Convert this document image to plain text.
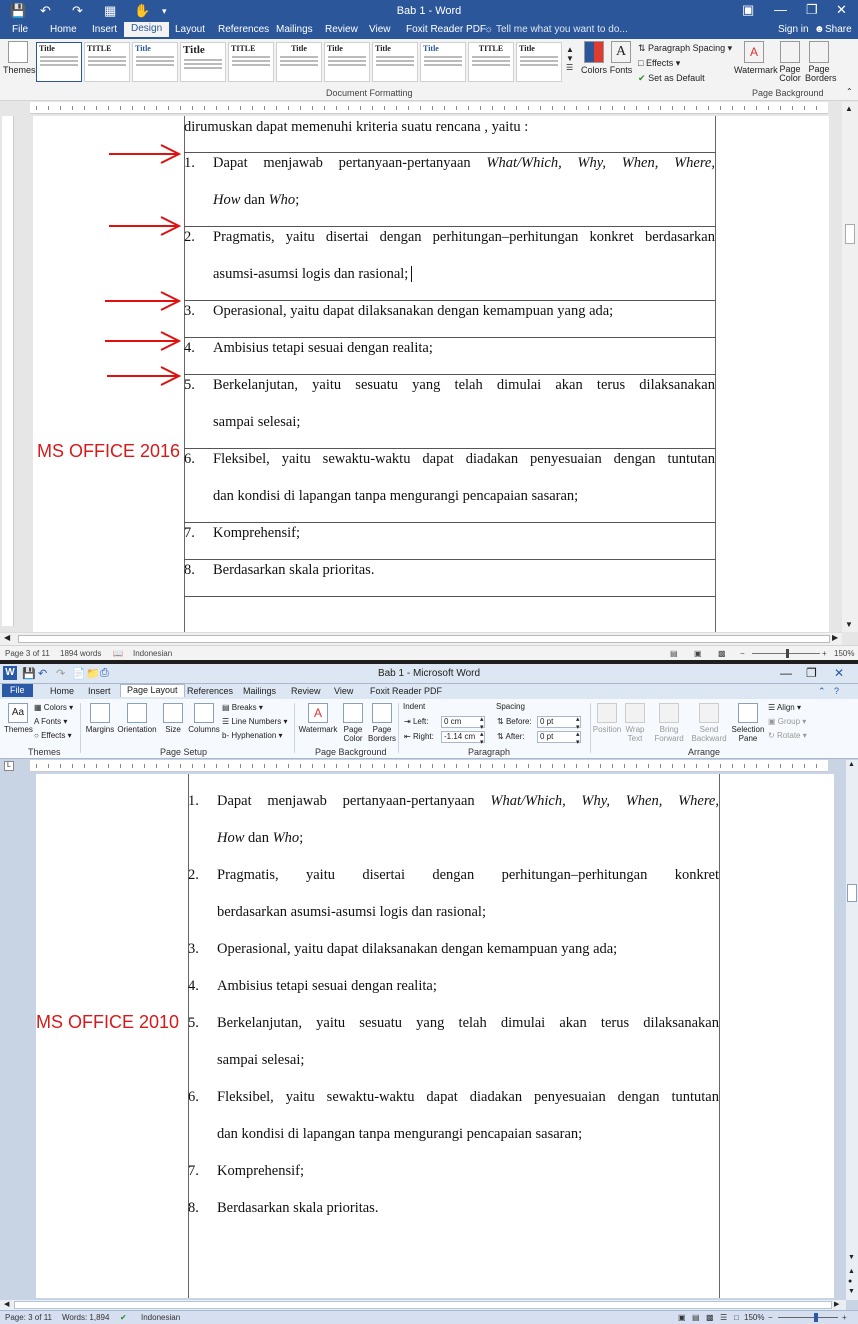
💾 ↶ ↷ ▦ ✋ ▾	Bab 1 - Word	▣ — ❐ ✕
File Home Insert	Design	Layout References Mailings Review View Foxit Reader PDF
☼ Tell me what you want to do...	Sign in ☻ Share
Themes
Title	TITLE	Title	Title	TITLE	Title	Title	Title	Title	TITLE	Title	▲
▼
☰ Colors
A
Fonts
⇅ Paragraph Spacing ▾
□ Effects ▾
✔ Set as Default
Document Formatting
A
Watermark Page Color
Page Borders
Page Background	⌃
dirumuskan dapat memenuhi kriteria suatu rencana , yaitu :
1.	Dapat menjawab pertanyaan-pertanyaan What/Which, Why, When, Where,
How dan Who;
2.	Pragmatis, yaitu disertai dengan perhitungan–perhitungan konkret berdasarkan
asumsi-asumsi logis dan rasional;
3.	Operasional, yaitu dapat dilaksanakan dengan kemampuan yang ada;
4.	Ambisius tetapi sesuai dengan realita;
5.	Berkelanjutan, yaitu sesuatu yang telah dimulai akan terus dilaksanakan
sampai selesai;
6.	Fleksibel, yaitu sewaktu-waktu dapat diadakan penyesuaian dengan tuntutan
dan kondisi di lapangan tanpa mengurangi pencapaian sasaran;
7.	Komprehensif;
8.	Berdasarkan skala prioritas.
MS OFFICE 2016
▲
▼
◀	▶
Page 3 of 11 1894 words 📖 Indonesian	▤ ▣ ▩ −	+ 150%
W 💾 ↶ ↷ 📄 📁 ⎙	Bab 1 - Microsoft Word	— ❐ ✕
File	Home Insert	Page Layout	References Mailings Review View Foxit Reader PDF	⌃ ?
Aa
Themes
▦ Colors ▾
A Fonts ▾
○ Effects ▾
Themes
Margins Orientation	Size Columns
▤ Breaks ▾
☰ Line Numbers ▾
b‐ Hyphenation ▾
Page Setup
A
Watermark Page Color
Page Borders
Page Background
Indent
⇥ Left:	0 cm	▴
▾
⇤ Right:	-1.14 cm ▴
▾
Spacing
⇅ Before:	0 pt	▴
▾
⇅ After:	0 pt	▴
▾
Paragraph
Position Wrap Text
Bring Forward
Send Backward
Selection Pane
☰ Align ▾
▣ Group ▾
↻ Rotate ▾
Arrange
L
1.	Dapat menjawab pertanyaan-pertanyaan What/Which, Why, When, Where,
How dan Who;
2.	Pragmatis, yaitu disertai dengan perhitungan–perhitungan konkret
berdasarkan asumsi-asumsi logis dan rasional;
3.	Operasional, yaitu dapat dilaksanakan dengan kemampuan yang ada;
4.	Ambisius tetapi sesuai dengan realita;
5.	Berkelanjutan, yaitu sesuatu yang telah dimulai akan terus dilaksanakan
sampai selesai;
6.	Fleksibel, yaitu sewaktu-waktu dapat diadakan penyesuaian dengan tuntutan
dan kondisi di lapangan tanpa mengurangi pencapaian sasaran;
7.	Komprehensif;
8.	Berdasarkan skala prioritas.
MS OFFICE 2010
▲
▼
▲
●
▼
◀	▶
Page: 3 of 11 Words: 1,894 ✔ Indonesian	▣ ▤ ▩ ☰ □ 150% −	+
